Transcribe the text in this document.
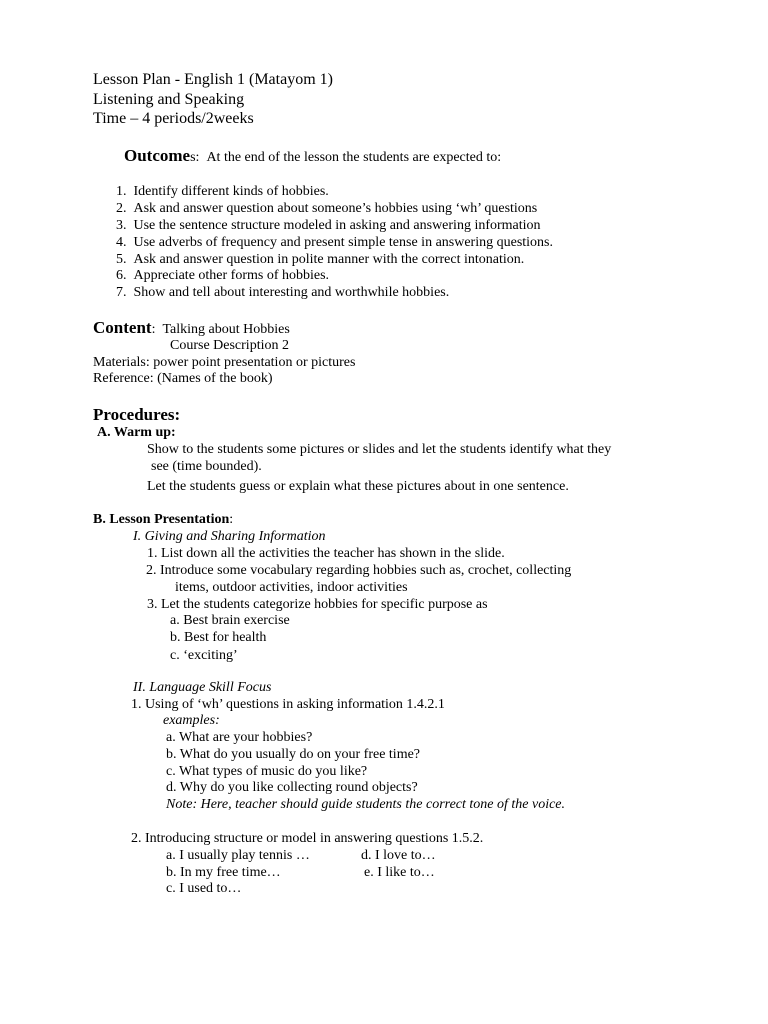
Lesson Plan - English 1 (Matayom 1)
Listening and Speaking
Time – 4 periods/2weeks
Outcomes: At the end of the lesson the students are expected to:
1. Identify different kinds of hobbies.
2. Ask and answer question about someone’s hobbies using ‘wh’ questions
3. Use the sentence structure modeled in asking and answering information
4. Use adverbs of frequency and present simple tense in answering questions.
5. Ask and answer question in polite manner with the correct intonation.
6. Appreciate other forms of hobbies.
7. Show and tell about interesting and worthwhile hobbies.
Content:  Talking about Hobbies
Course Description 2
Materials: power point presentation or pictures
Reference: (Names of the book)
Procedures:
A. Warm up:
Show to the students some pictures or slides and let the students identify what they
see (time bounded).
Let the students guess or explain what these pictures about in one sentence.
B. Lesson Presentation:
I. Giving and Sharing Information
1. List down all the activities the teacher has shown in the slide.
2. Introduce some vocabulary regarding hobbies such as, crochet, collecting
items, outdoor activities, indoor activities
3. Let the students categorize hobbies for specific purpose as
a. Best brain exercise
b. Best for health
c. ‘exciting’
II. Language Skill Focus
1. Using of ‘wh’ questions in asking information 1.4.2.1
examples:
a. What are your hobbies?
b. What do you usually do on your free time?
c. What types of music do you like?
d. Why do you like collecting round objects?
Note: Here, teacher should guide students the correct tone of the voice.
2. Introducing structure or model in answering questions 1.5.2.
a. I usually play tennis …	d. I love to…
b. In my free time…	e. I like to…
c. I used to…
